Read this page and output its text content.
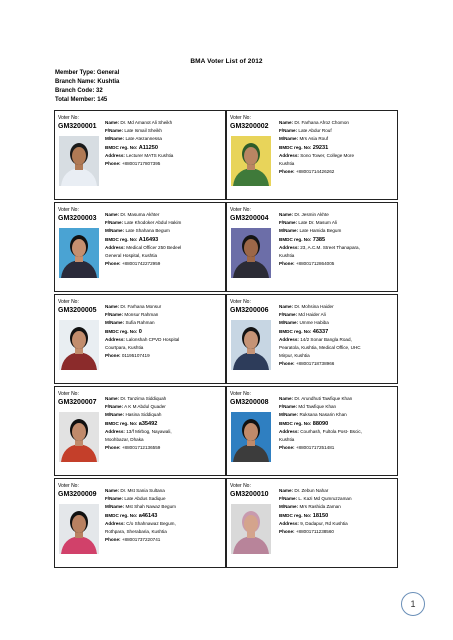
BMA Voter List of 2012
Member Type: General
Branch Name: Kushtia
Branch Code: 32
Total Member: 145
Voter No:
GM3200001
Name: Dr. Md Amanot Ali Sheikh
F/Name: Late Ismail Sheikh
M/Name: Late Atezannessa
BMDC reg. No: A11250
Address: Lecturer MATS Kushtia
Phone: +88001717807395
Voter No:
GM3200002
Name: Dr. Farhana Afroz Chomon
F/Name: Late Abdur Rouf
M/Name: Mrs Asia Rouf
BMDC reg. No: 29231
Address: Sono Tower, College More
Kushtia
Phone: +88001714426262
Voter No:
GM3200003
Name: Dr. Masuma Akhter
F/Name: Late Khodoker Abdul Hakim
M/Name: Late Shahana Begum
BMDC reg. No: A16493
Address: Medical Officer 250 Bedeel
General Hospital, Kushtia
Phone: +88001742272959
Voter No:
GM3200004
Name: Dr. Jesmin Akhte
F/Name: Late Dr. Masum Ali
M/Name: Late Hamida Begum
BMDC reg. No: 7385
Address: 23, A.C.M. Street Thanapara,
Kushtia
Phone: +88001712864005
Voter No:
GM3200005
Name: Dr. Farhana Monsur
F/Name: Monsur Rahman
M/Name: Sufia Rahman
BMDC reg. No: 0
Address: Lalonshah CPVD Hospital
Courtpara, Kushtia
Phone: 01195107419
Voter No:
GM3200006
Name: Dr. Mohsina Haider
F/Name: Md Haider Ali
M/Name: Umme Habiba
BMDC reg. No: 46337
Address: 14/2 Sonar Bangla Road,
Pearatola, Kushtia, Medical Office, UHC
Mirpur, Kushtia
Phone: +88001718738966
Voter No:
GM3200007
Name: Dr. Tanzima Siddiquah
F/Name: A K M Abdul Quader
M/Name: Hasina Siddiquah
BMDC reg. No: a35492
Address: 13/f Mirbog, Nayawali,
Moohbazar, Dhaka
Phone: +88001712136559
Voter No:
GM3200008
Name: Dr. Arundhuti Tawfique Khan
F/Name: Md Tawfique Khan
M/Name: Ruksana Nasarin Khan
BMDC reg. No: 88090
Address: Courhash, Fultola Post- Bscic,
Kushtia
Phone: +88001717251481
Voter No:
GM3200009
Name: Dr. Mst Sania Sultana
F/Name: Late Abdus Sadique
M/Name: Mst Shah Nawaz Begum
BMDC reg. No: a46143
Address: C/o Shahnawaz Begum,
Rothpara, Sherabaria, Kushtia
Phone: +88001737220741
Voter No:
GM3200010
Name: Dr. Zebun Nahar
F/Name: L. Kazi Md Qumruzzaman
M/Name: Mrs Rashida Zaman
BMDC reg. No: 18150
Address: 9, Dadapur, Rd Kushtia
Phone: +88001711238560
1
